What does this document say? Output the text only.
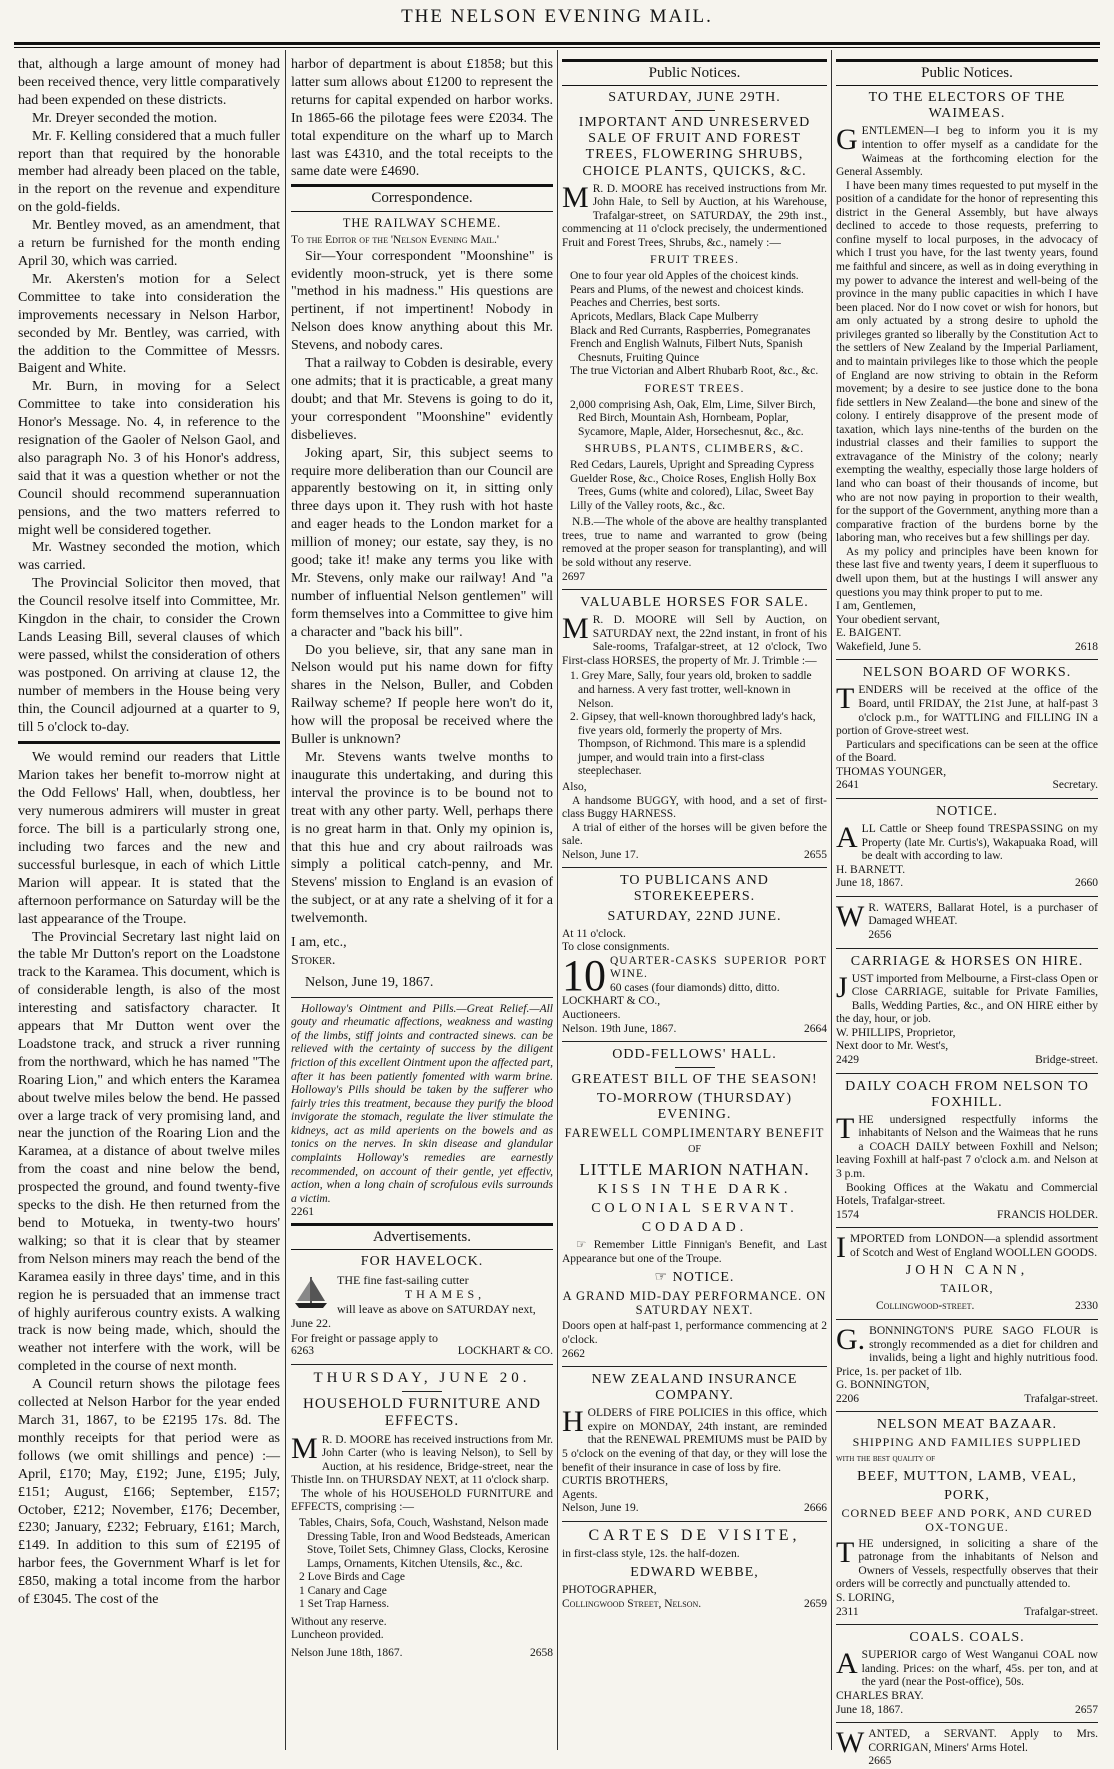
THE NELSON EVENING MAIL.

that, although a large amount of money had been received thence, very little comparatively had been expended on these districts.

Mr. Dreyer seconded the motion.

Mr. F. Kelling considered that a much fuller report than that required by the honorable member had already been placed on the table, in the report on the revenue and expenditure on the gold-fields.

Mr. Bentley moved, as an amendment, that a return be furnished for the month ending April 30, which was carried.

Mr. Akersten's motion for a Select Committee to take into consideration the improvements necessary in Nelson Harbor, seconded by Mr. Bentley, was carried, with the addition to the Committee of Messrs. Baigent and White.

Mr. Burn, in moving for a Select Committee to take into consideration his Honor's Message. No. 4, in reference to the resignation of the Gaoler of Nelson Gaol, and also paragraph No. 3 of his Honor's address, said that it was a question whether or not the Council should recommend superannuation pensions, and the two matters referred to might well be considered together.

Mr. Wastney seconded the motion, which was carried.

The Provincial Solicitor then moved, that the Council resolve itself into Committee, Mr. Kingdon in the chair, to consider the Crown Lands Leasing Bill, several clauses of which were passed, whilst the consideration of others was postponed. On arriving at clause 12, the number of members in the House being very thin, the Council adjourned at a quarter to 9, till 5 o'clock to-day.

We would remind our readers that Little Marion takes her benefit to-morrow night at the Odd Fellows' Hall, when, doubtless, her very numerous admirers will muster in great force. The bill is a particularly strong one, including two farces and the new and successful burlesque, in each of which Little Marion will appear. It is stated that the afternoon performance on Saturday will be the last appearance of the Troupe.

The Provincial Secretary last night laid on the table Mr Dutton's report on the Loadstone track to the Karamea. This document, which is of considerable length, is also of the most interesting and satisfactory character. It appears that Mr Dutton went over the Loadstone track, and struck a river running from the northward, which he has named "The Roaring Lion," and which enters the Karamea about twelve miles below the bend. He passed over a large track of very promising land, and near the junction of the Roaring Lion and the Karamea, at a distance of about twelve miles from the coast and nine below the bend, prospected the ground, and found twenty-five specks to the dish. He then returned from the bend to Motueka, in twenty-two hours' walking; so that it is clear that by steamer from Nelson miners may reach the bend of the Karamea easily in three days' time, and in this region he is persuaded that an immense tract of highly auriferous country exists. A walking track is now being made, which, should the weather not interfere with the work, will be completed in the course of next month.

A Council return shows the pilotage fees collected at Nelson Harbor for the year ended March 31, 1867, to be £2195 17s. 8d. The monthly receipts for that period were as follows (we omit shillings and pence) :—April, £170; May, £192; June, £195; July, £151; August, £166; September, £157; October, £212; November, £176; December, £230; January, £232; February, £161; March, £149. In addition to this sum of £2195 of harbor fees, the Government Wharf is let for £850, making a total income from the harbor of £3045. The cost of the

harbor of department is about £1858; but this latter sum allows about £1200 to represent the returns for capital expended on harbor works. In 1865-66 the pilotage fees were £2034. The total expenditure on the wharf up to March last was £4310, and the total receipts to the same date were £4690.

Correspondence.
THE RAILWAY SCHEME.

To the Editor of the 'Nelson Evening Mail.'

Sir—Your correspondent "Moonshine" is evidently moon-struck, yet is there some "method in his madness." His questions are pertinent, if not impertinent! Nobody in Nelson does know anything about this Mr. Stevens, and nobody cares.

That a railway to Cobden is desirable, every one admits; that it is practicable, a great many doubt; and that Mr. Stevens is going to do it, your correspondent "Moonshine" evidently disbelieves.

Joking apart, Sir, this subject seems to require more deliberation than our Council are apparently bestowing on it, in sitting only three days upon it. They rush with hot haste and eager heads to the London market for a million of money; our estate, say they, is no good; take it! make any terms you like with Mr. Stevens, only make our railway! And "a number of influential Nelson gentlemen" will form themselves into a Committee to give him a character and "back his bill".

Do you believe, sir, that any sane man in Nelson would put his name down for fifty shares in the Nelson, Buller, and Cobden Railway scheme? If people here won't do it, how will the proposal be received where the Buller is unknown?

Mr. Stevens wants twelve months to inaugurate this undertaking, and during this interval the province is to be bound not to treat with any other party. Well, perhaps there is no great harm in that. Only my opinion is, that this hue and cry about railroads was simply a political catch-penny, and Mr. Stevens' mission to England is an evasion of the subject, or at any rate a shelving of it for a twelvemonth.

I am, etc.,

Stoker.

Nelson, June 19, 1867.

Holloway's Ointment and Pills.—Great Relief.—All gouty and rheumatic affections, weakness and wasting of the limbs, stiff joints and contracted sinews. can be relieved with the certainty of success by the diligent friction of this excellent Ointment upon the affected part, after it has been patiently fomented with warm brine. Holloway's Pills should be taken by the sufferer who fairly tries this treatment, because they purify the blood invigorate the stomach, regulate the liver stimulate the kidneys, act as mild aperients on the bowels and as tonics on the nerves. In skin disease and glandular complaints Holloway's remedies are earnestly recommended, on account of their gentle, yet effectiv, action, when a long chain of scrofulous evils surrounds a victim.

2261

Advertisements.
FOR HAVELOCK.
THE fine fast-sailing cutter
THAMES,
will leave as above on SATURDAY next, June 22.
For freight or passage apply to
6263	LOCKHART & CO.
THURSDAY, JUNE 20.
HOUSEHOLD FURNITURE AND EFFECTS.
M R. D. MOORE has received instructions from Mr. John Carter (who is leaving Nelson), to Sell by Auction, at his residence, Bridge-street, near the Thistle Inn. on THURSDAY NEXT, at 11 o'clock sharp.

The whole of his HOUSEHOLD FURNITURE and EFFECTS, comprising :—

Tables, Chairs, Sofa, Couch, Washstand, Nelson made Dressing Table, Iron and Wood Bedsteads, American Stove, Toilet Sets, Chimney Glass, Clocks, Kerosine Lamps, Ornaments, Kitchen Utensils, &c., &c.
2 Love Birds and Cage
1 Canary and Cage
1 Set Trap Harness.

Without any reserve.

Luncheon provided.

Nelson June 18th, 1867.	2658
Public Notices.
SATURDAY, JUNE 29TH.
IMPORTANT AND UNRESERVED SALE OF FRUIT AND FOREST TREES, FLOWERING SHRUBS, CHOICE PLANTS, QUICKS, &C.
M R. D. MOORE has received instructions from Mr. John Hale, to Sell by Auction, at his Warehouse, Trafalgar-street, on SATURDAY, the 29th inst., commencing at 11 o'clock precisely, the undermentioned Fruit and Forest Trees, Shrubs, &c., namely :—

FRUIT TREES.
One to four year old Apples of the choicest kinds.
Pears and Plums, of the newest and choicest kinds.
Peaches and Cherries, best sorts.
Apricots, Medlars, Black Cape Mulberry
Black and Red Currants, Raspberries, Pomegranates
French and English Walnuts, Filbert Nuts, Spanish Chesnuts, Fruiting Quince
The true Victorian and Albert Rhubarb Root, &c., &c.
FOREST TREES.
2,000 comprising Ash, Oak, Elm, Lime, Silver Birch, Red Birch, Mountain Ash, Hornbeam, Poplar, Sycamore, Maple, Alder, Horsechesnut, &c., &c.
SHRUBS, PLANTS, CLIMBERS, &C.
Red Cedars, Laurels, Upright and Spreading Cypress
Guelder Rose, &c., Choice Roses, English Holly Box Trees, Gums (white and colored), Lilac, Sweet Bay
Lilly of the Valley roots, &c., &c.

N.B.—The whole of the above are healthy transplanted trees, true to name and warranted to grow (being removed at the proper season for transplanting), and will be sold without any reserve.

2697

VALUABLE HORSES FOR SALE.
M R. D. MOORE will Sell by Auction, on SATURDAY next, the 22nd instant, in front of his Sale-rooms, Trafalgar-street, at 12 o'clock, Two First-class HORSES, the property of Mr. J. Trimble :—

1. Grey Mare, Sally, four years old, broken to saddle and harness. A very fast trotter, well-known in Nelson.
2. Gipsey, that well-known thoroughbred lady's hack, five years old, formerly the property of Mrs. Thompson, of Richmond. This mare is a splendid jumper, and would train into a first-class steeplechaser.

Also,

A handsome BUGGY, with hood, and a set of first-class Buggy HARNESS.

A trial of either of the horses will be given before the sale.

Nelson, June 17.	2655
TO PUBLICANS AND STOREKEEPERS.
SATURDAY, 22ND JUNE.

At 11 o'clock.

To close consignments.

10 QUARTER-CASKS SUPERIOR PORT WINE.

60 cases (four diamonds) ditto, ditto.

LOCKHART & CO.,

Auctioneers.

Nelson. 19th June, 1867.	2664
ODD-FELLOWS' HALL.
GREATEST BILL OF THE SEASON!
TO-MORROW (THURSDAY) EVENING.
FAREWELL COMPLIMENTARY BENEFIT
OF
LITTLE MARION NATHAN.
KISS IN THE DARK.
COLONIAL SERVANT.
CODADAD.

☞ Remember Little Finnigan's Benefit, and Last Appearance but one of the Troupe.

☞ NOTICE.
A GRAND MID-DAY PERFORMANCE. ON SATURDAY NEXT.

Doors open at half-past 1, performance commencing at 2 o'clock.

2662

NEW ZEALAND INSURANCE COMPANY.
H OLDERS of FIRE POLICIES in this office, which expire on MONDAY, 24th instant, are reminded that the RENEWAL PREMIUMS must be PAID by 5 o'clock on the evening of that day, or they will lose the benefit of their insurance in case of loss by fire.

CURTIS BROTHERS,

Agents.

Nelson, June 19.	2666
CARTES DE VISITE,

in first-class style, 12s. the half-dozen.

EDWARD WEBBE,

PHOTOGRAPHER,

Collingwood Street, Nelson.	2659
Public Notices.
TO THE ELECTORS OF THE WAIMEAS.
G ENTLEMEN—I beg to inform you it is my intention to offer myself as a candidate for the Waimeas at the forthcoming election for the General Assembly.

I have been many times requested to put myself in the position of a candidate for the honor of representing this district in the General Assembly, but have always declined to accede to those requests, preferring to confine myself to local purposes, in the advocacy of which I trust you have, for the last twenty years, found me faithful and sincere, as well as in doing everything in my power to advance the interest and well-being of the province in the many public capacities in which I have been placed. Nor do I now covet or wish for honors, but am only actuated by a strong desire to uphold the privileges granted so liberally by the Constitution Act to the settlers of New Zealand by the Imperial Parliament, and to maintain privileges like to those which the people of England are now striving to obtain in the Reform movement; by a desire to see justice done to the bona fide settlers in New Zealand—the bone and sinew of the colony. I entirely disapprove of the present mode of taxation, which lays nine-tenths of the burden on the industrial classes and their families to support the extravagance of the Ministry of the colony; nearly exempting the wealthy, especially those large holders of land who can boast of their thousands of income, but who are not now paying in proportion to their wealth, for the support of the Government, anything more than a comparative fraction of the burdens borne by the laboring man, who receives but a few shillings per day.

As my policy and principles have been known for these last five and twenty years, I deem it superfluous to dwell upon them, but at the hustings I will answer any questions you may think proper to put to me.

I am, Gentlemen,

Your obedient servant,

E. BAIGENT.

Wakefield, June 5.	2618
NELSON BOARD OF WORKS.
T ENDERS will be received at the office of the Board, until FRIDAY, the 21st June, at half-past 3 o'clock p.m., for WATTLING and FILLING IN a portion of Grove-street west.

Particulars and specifications can be seen at the office of the Board.

THOMAS YOUNGER,

2641	Secretary.
NOTICE.
A LL Cattle or Sheep found TRESPASSING on my Property (late Mr. Curtis's), Wakapuaka Road, will be dealt with according to law.

H. BARNETT.

June 18, 1867.	2660
W R. WATERS, Ballarat Hotel, is a purchaser of Damaged WHEAT.

2656

CARRIAGE & HORSES ON HIRE.
J UST imported from Melbourne, a First-class Open or Close CARRIAGE, suitable for Private Families, Balls, Wedding Parties, &c., and ON HIRE either by the day, hour, or job.

W. PHILLIPS, Proprietor,

Next door to Mr. West's,

2429	Bridge-street.
DAILY COACH FROM NELSON TO FOXHILL.
T HE undersigned respectfully informs the inhabitants of Nelson and the Waimeas that he runs a COACH DAILY between Foxhill and Nelson; leaving Foxhill at half-past 7 o'clock a.m. and Nelson at 3 p.m.

Booking Offices at the Wakatu and Commercial Hotels, Trafalgar-street.

1574	FRANCIS HOLDER.
I MPORTED from LONDON—a splendid assortment of Scotch and West of England WOOLLEN GOODS.

JOHN CANN,
TAILOR,
Collingwood-street.	2330
G. BONNINGTON'S PURE SAGO FLOUR is strongly recommended as a diet for children and invalids, being a light and highly nutritious food. Price, 1s. per packet of 1lb.

G. BONNINGTON,

2206	Trafalgar-street.
NELSON MEAT BAZAAR.
SHIPPING AND FAMILIES SUPPLIED

with the best quality of

BEEF, MUTTON, LAMB, VEAL,
PORK,
CORNED BEEF AND PORK, AND CURED OX-TONGUE.
T HE undersigned, in soliciting a share of the patronage from the inhabitants of Nelson and Owners of Vessels, respectfully observes that their orders will be correctly and punctually attended to.

S. LORING,

2311	Trafalgar-street.
COALS. COALS.
A SUPERIOR cargo of West Wanganui COAL now landing. Prices: on the wharf, 45s. per ton, and at the yard (near the Post-office), 50s.

CHARLES BRAY.

June 18, 1867.	2657
W ANTED, a SERVANT. Apply to Mrs. CORRIGAN, Miners' Arms Hotel.

2665
